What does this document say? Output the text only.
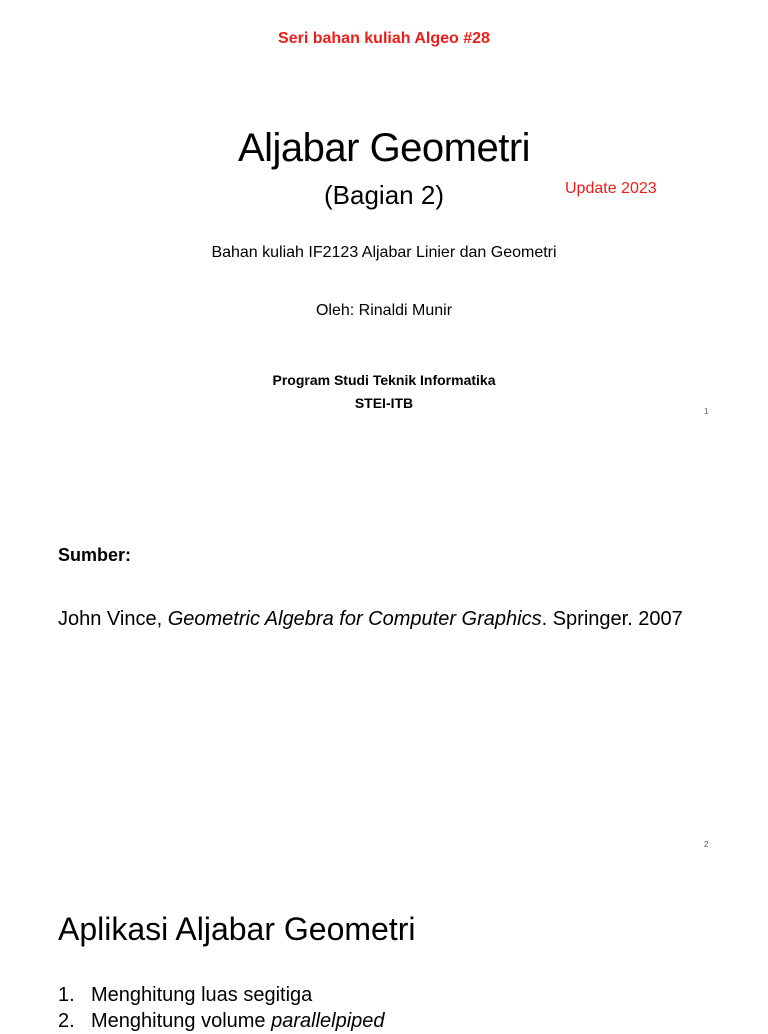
Seri bahan kuliah Algeo #28
Aljabar Geometri
(Bagian 2)	Update 2023
Bahan kuliah IF2123 Aljabar Linier dan Geometri
Oleh: Rinaldi Munir
Program Studi Teknik Informatika
STEI-ITB
1
Sumber:
John Vince, Geometric Algebra for Computer Graphics. Springer. 2007
2
Aplikasi Aljabar Geometri
1. Menghitung luas segitiga
2. Menghitung volume parallelpiped
